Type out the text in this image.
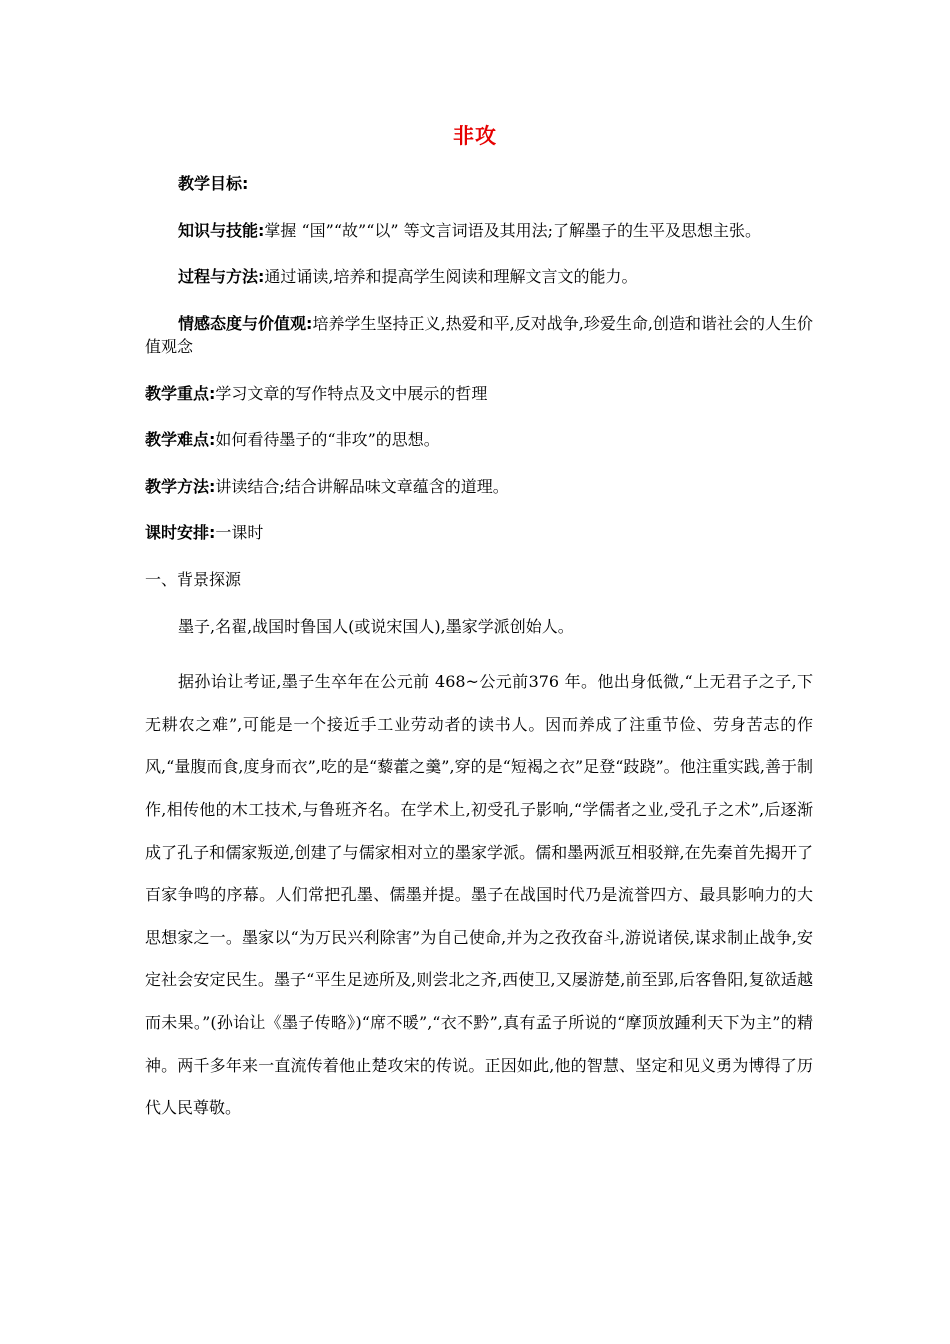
非攻

教学目标:

知识与技能:掌握 “国”“故”“以” 等文言词语及其用法;了解墨子的生平及思想主张。

过程与方法:通过诵读,培养和提高学生阅读和理解文言文的能力。

情感态度与价值观:培养学生坚持正义,热爱和平,反对战争,珍爱生命,创造和谐社会的人生价值观念

教学重点:学习文章的写作特点及文中展示的哲理

教学难点:如何看待墨子的“非攻”的思想。

教学方法:讲读结合;结合讲解品味文章蕴含的道理。

课时安排:一课时

一、背景探源

墨子,名翟,战国时鲁国人(或说宋国人),墨家学派创始人。

据孙诒让考证,墨子生卒年在公元前 468~公元前376 年。他出身低微,“上无君子之子,下无耕农之难”,可能是一个接近手工业劳动者的读书人。因而养成了注重节俭、劳身苦志的作风,“量腹而食,度身而衣”,吃的是“藜藿之羹”,穿的是“短褐之衣”足登“跂跷”。他注重实践,善于制作,相传他的木工技术,与鲁班齐名。在学术上,初受孔子影响,“学儒者之业,受孔子之术”,后逐渐成了孔子和儒家叛逆,创建了与儒家相对立的墨家学派。儒和墨两派互相驳辩,在先秦首先揭开了百家争鸣的序幕。人们常把孔墨、儒墨并提。墨子在战国时代乃是流誉四方、最具影响力的大思想家之一。墨家以“为万民兴利除害”为自己使命,并为之孜孜奋斗,游说诸侯,谋求制止战争,安定社会安定民生。墨子“平生足迹所及,则尝北之齐,西使卫,又屡游楚,前至郢,后客鲁阳,复欲适越而未果。”(孙诒让《墨子传略》)“席不暖”,“衣不黔”,真有孟子所说的“摩顶放踵利天下为主”的精神。两千多年来一直流传着他止楚攻宋的传说。正因如此,他的智慧、坚定和见义勇为博得了历代人民尊敬。
